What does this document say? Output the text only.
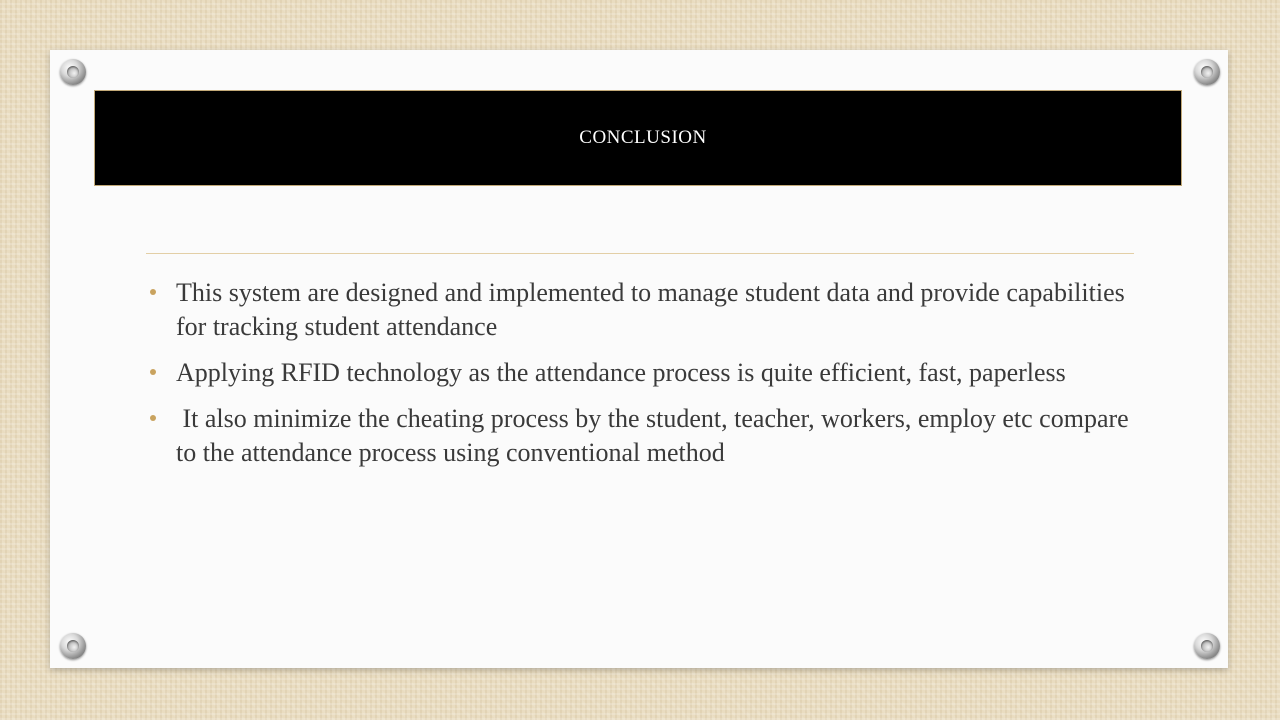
CONCLUSION
This system are designed and implemented to manage student data and provide capabilities for tracking student attendance
Applying RFID technology as the attendance process is quite efficient, fast, paperless
It also minimize the cheating process by the student, teacher, workers, employ etc compare to the attendance process using conventional method
